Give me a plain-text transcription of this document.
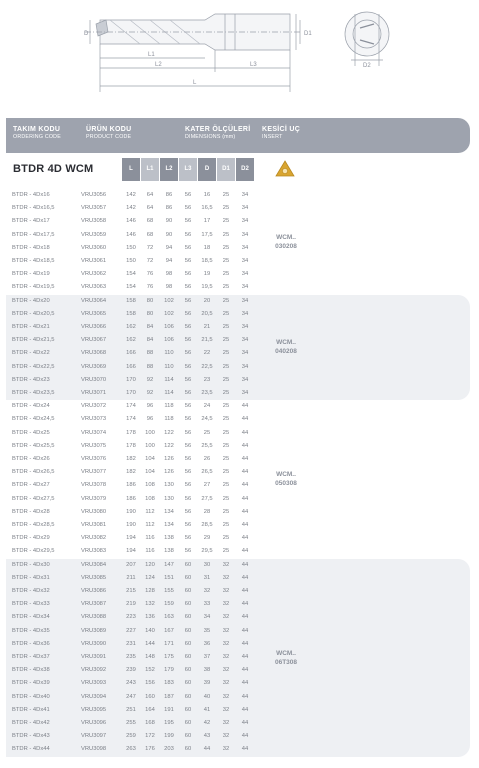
D
L1
L2	L3
L
D1
D2
TAKIM KODU
ORDERING CODE
ÜRÜN KODU
PRODUCT CODE
KATER ÖLÇÜLERİ
DIMENSIONS (mm)
KESİCİ UÇ
INSERT
BTDR 4D WCM	L	L1	L2	L3	D	D1	D2
BTDR - 4Dx16	VRU3056	142	64	86	56	16	25	34
BTDR - 4Dx16,5	VRU3057	142	64	86	56	16,5	25	34
BTDR - 4Dx17	VRU3058	146	68	90	56	17	25	34
BTDR - 4Dx17,5	VRU3059	146	68	90	56	17,5	25	34
BTDR - 4Dx18	VRU3060	150	72	94	56	18	25	34
BTDR - 4Dx18,5	VRU3061	150	72	94	56	18,5	25	34
BTDR - 4Dx19	VRU3062	154	76	98	56	19	25	34
BTDR - 4Dx19,5	VRU3063	154	76	98	56	19,5	25	34
WCM..
030208
BTDR - 4Dx20	VRU3064	158	80	102	56	20	25	34
BTDR - 4Dx20,5	VRU3065	158	80	102	56	20,5	25	34
BTDR - 4Dx21	VRU3066	162	84	106	56	21	25	34
BTDR - 4Dx21,5	VRU3067	162	84	106	56	21,5	25	34
BTDR - 4Dx22	VRU3068	166	88	110	56	22	25	34
BTDR - 4Dx22,5	VRU3069	166	88	110	56	22,5	25	34
BTDR - 4Dx23	VRU3070	170	92	114	56	23	25	34
BTDR - 4Dx23,5	VRU3071	170	92	114	56	23,5	25	34
WCM..
040208
BTDR - 4Dx24	VRU3072	174	96	118	56	24	25	44
BTDR - 4Dx24,5	VRU3073	174	96	118	56	24,5	25	44
BTDR - 4Dx25	VRU3074	178	100	122	56	25	25	44
BTDR - 4Dx25,5	VRU3075	178	100	122	56	25,5	25	44
BTDR - 4Dx26	VRU3076	182	104	126	56	26	25	44
BTDR - 4Dx26,5	VRU3077	182	104	126	56	26,5	25	44
BTDR - 4Dx27	VRU3078	186	108	130	56	27	25	44
BTDR - 4Dx27,5	VRU3079	186	108	130	56	27,5	25	44
BTDR - 4Dx28	VRU3080	190	112	134	56	28	25	44
BTDR - 4Dx28,5	VRU3081	190	112	134	56	28,5	25	44
BTDR - 4Dx29	VRU3082	194	116	138	56	29	25	44
BTDR - 4Dx29,5	VRU3083	194	116	138	56	29,5	25	44
WCM..
050308
BTDR - 4Dx30	VRU3084	207	120	147	60	30	32	44
BTDR - 4Dx31	VRU3085	211	124	151	60	31	32	44
BTDR - 4Dx32	VRU3086	215	128	155	60	32	32	44
BTDR - 4Dx33	VRU3087	219	132	159	60	33	32	44
BTDR - 4Dx34	VRU3088	223	136	163	60	34	32	44
BTDR - 4Dx35	VRU3089	227	140	167	60	35	32	44
BTDR - 4Dx36	VRU3090	231	144	171	60	36	32	44
BTDR - 4Dx37	VRU3091	235	148	175	60	37	32	44
BTDR - 4Dx38	VRU3092	239	152	179	60	38	32	44
BTDR - 4Dx39	VRU3093	243	156	183	60	39	32	44
BTDR - 4Dx40	VRU3094	247	160	187	60	40	32	44
BTDR - 4Dx41	VRU3095	251	164	191	60	41	32	44
BTDR - 4Dx42	VRU3096	255	168	195	60	42	32	44
BTDR - 4Dx43	VRU3097	259	172	199	60	43	32	44
BTDR - 4Dx44	VRU3098	263	176	203	60	44	32	44
WCM..
06T308
